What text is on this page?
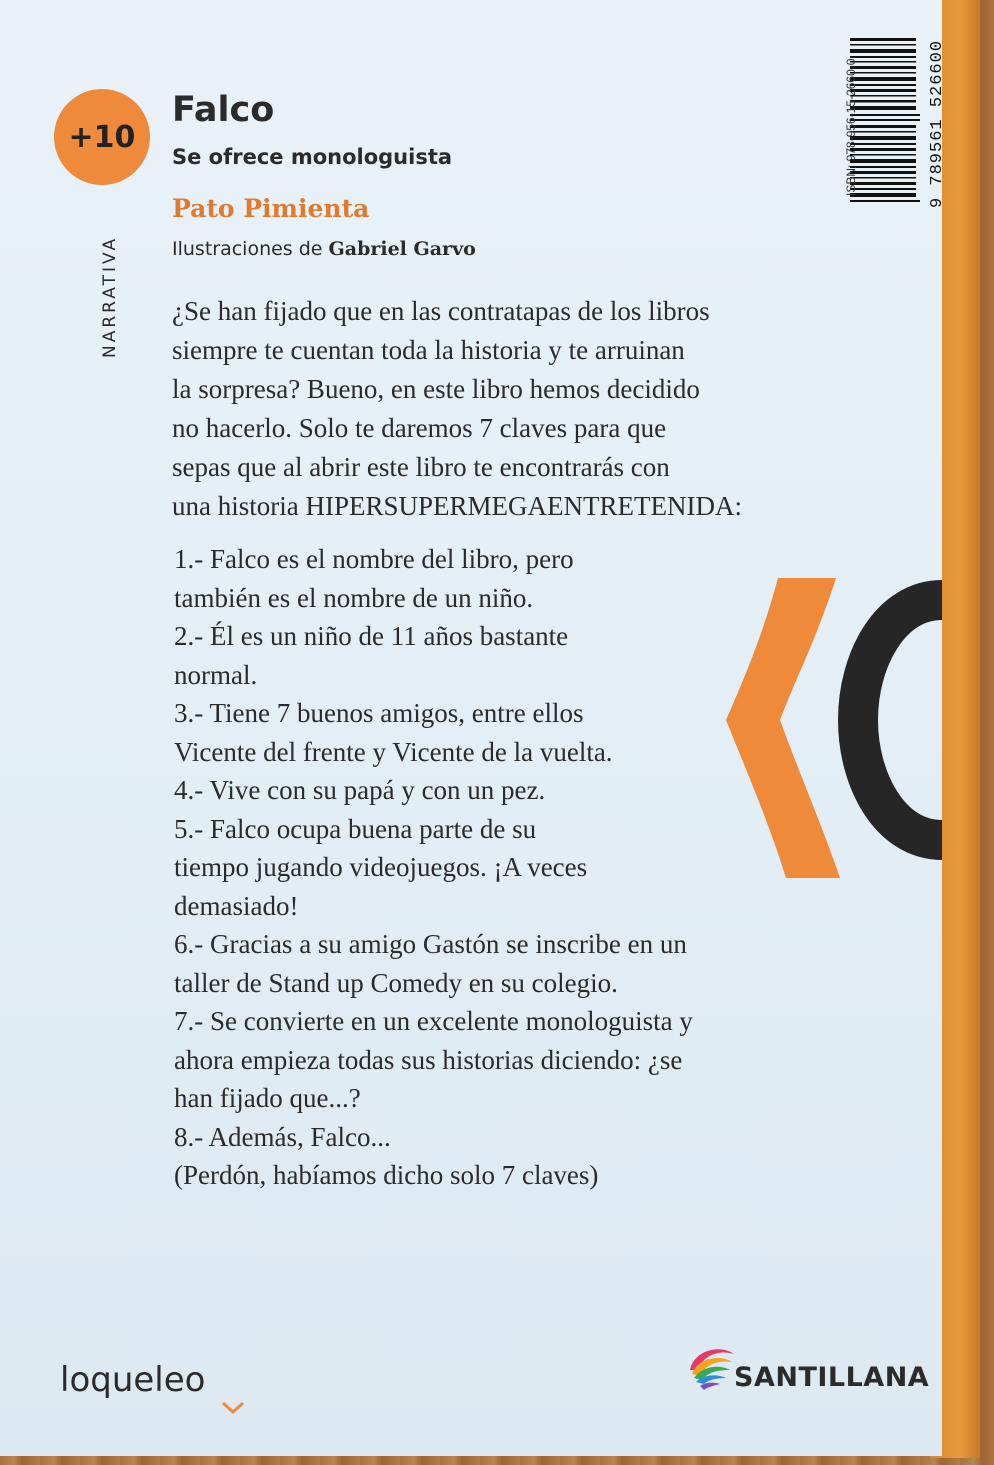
+10
NARRATIVA
Falco
Se ofrece monologuista
Pato Pimienta
Ilustraciones de Gabriel Garvo
¿Se han fijado que en las contratapas de los libros
siempre te cuentan toda la historia y te arruinan
la sorpresa? Bueno, en este libro hemos decidido
no hacerlo. Solo te daremos 7 claves para que
sepas que al abrir este libro te encontrarás con
una historia HIPERSUPERMEGAENTRETENIDA:
1.- Falco es el nombre del libro, pero
también es el nombre de un niño.
2.- Él es un niño de 11 años bastante
normal.
3.- Tiene 7 buenos amigos, entre ellos
Vicente del frente y Vicente de la vuelta.
4.- Vive con su papá y con un pez.
5.- Falco ocupa buena parte de su
tiempo jugando videojuegos. ¡A veces
demasiado!
6.- Gracias a su amigo Gastón se inscribe en un
taller de Stand up Comedy en su colegio.
7.- Se convierte en un excelente monologuista y
ahora empieza todas sus historias diciendo: ¿se
han fijado que...?
8.- Además, Falco...
(Perdón, habíamos dicho solo 7 claves)
ISBN: 978-956-15-2660-0	9 789561 526600
loqueleo	SANTILLANA
